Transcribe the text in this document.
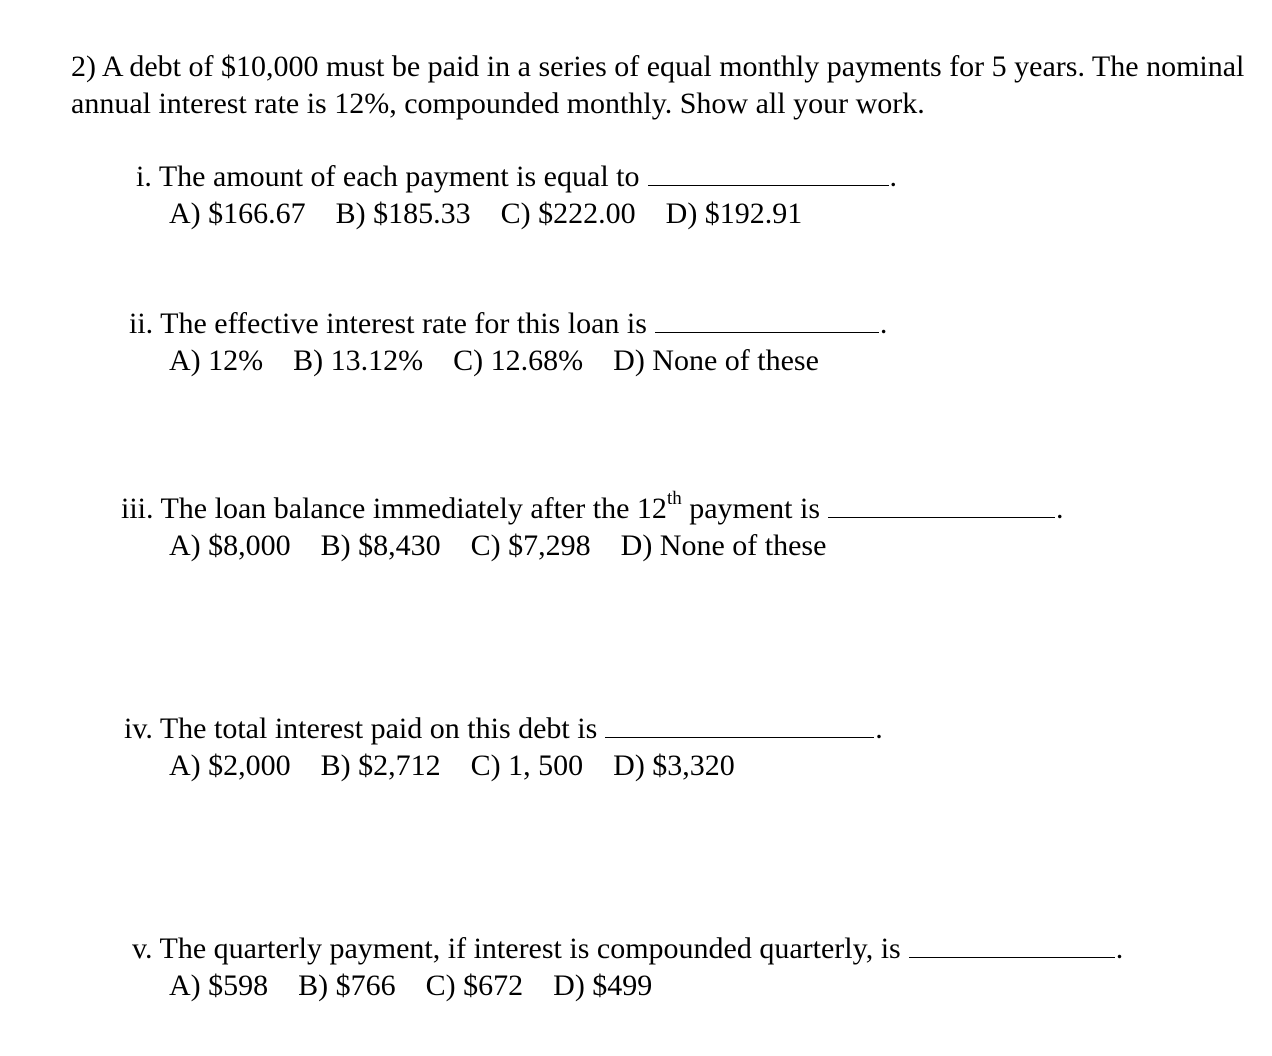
2) A debt of $10,000 must be paid in a series of equal monthly payments for 5 years. The nominal annual interest rate is 12%, compounded monthly. Show all your work.
i. The amount of each payment is equal to	.
A) $166.67 B) $185.33 C) $222.00 D) $192.91
ii. The effective interest rate for this loan is	.
A) 12% B) 13.12% C) 12.68% D) None of these
iii. The loan balance immediately after the 12th payment is	.
A) $8,000 B) $8,430 C) $7,298 D) None of these
iv. The total interest paid on this debt is	.
A) $2,000 B) $2,712 C) 1, 500 D) $3,320
v. The quarterly payment, if interest is compounded quarterly, is	.
A) $598 B) $766 C) $672 D) $499
